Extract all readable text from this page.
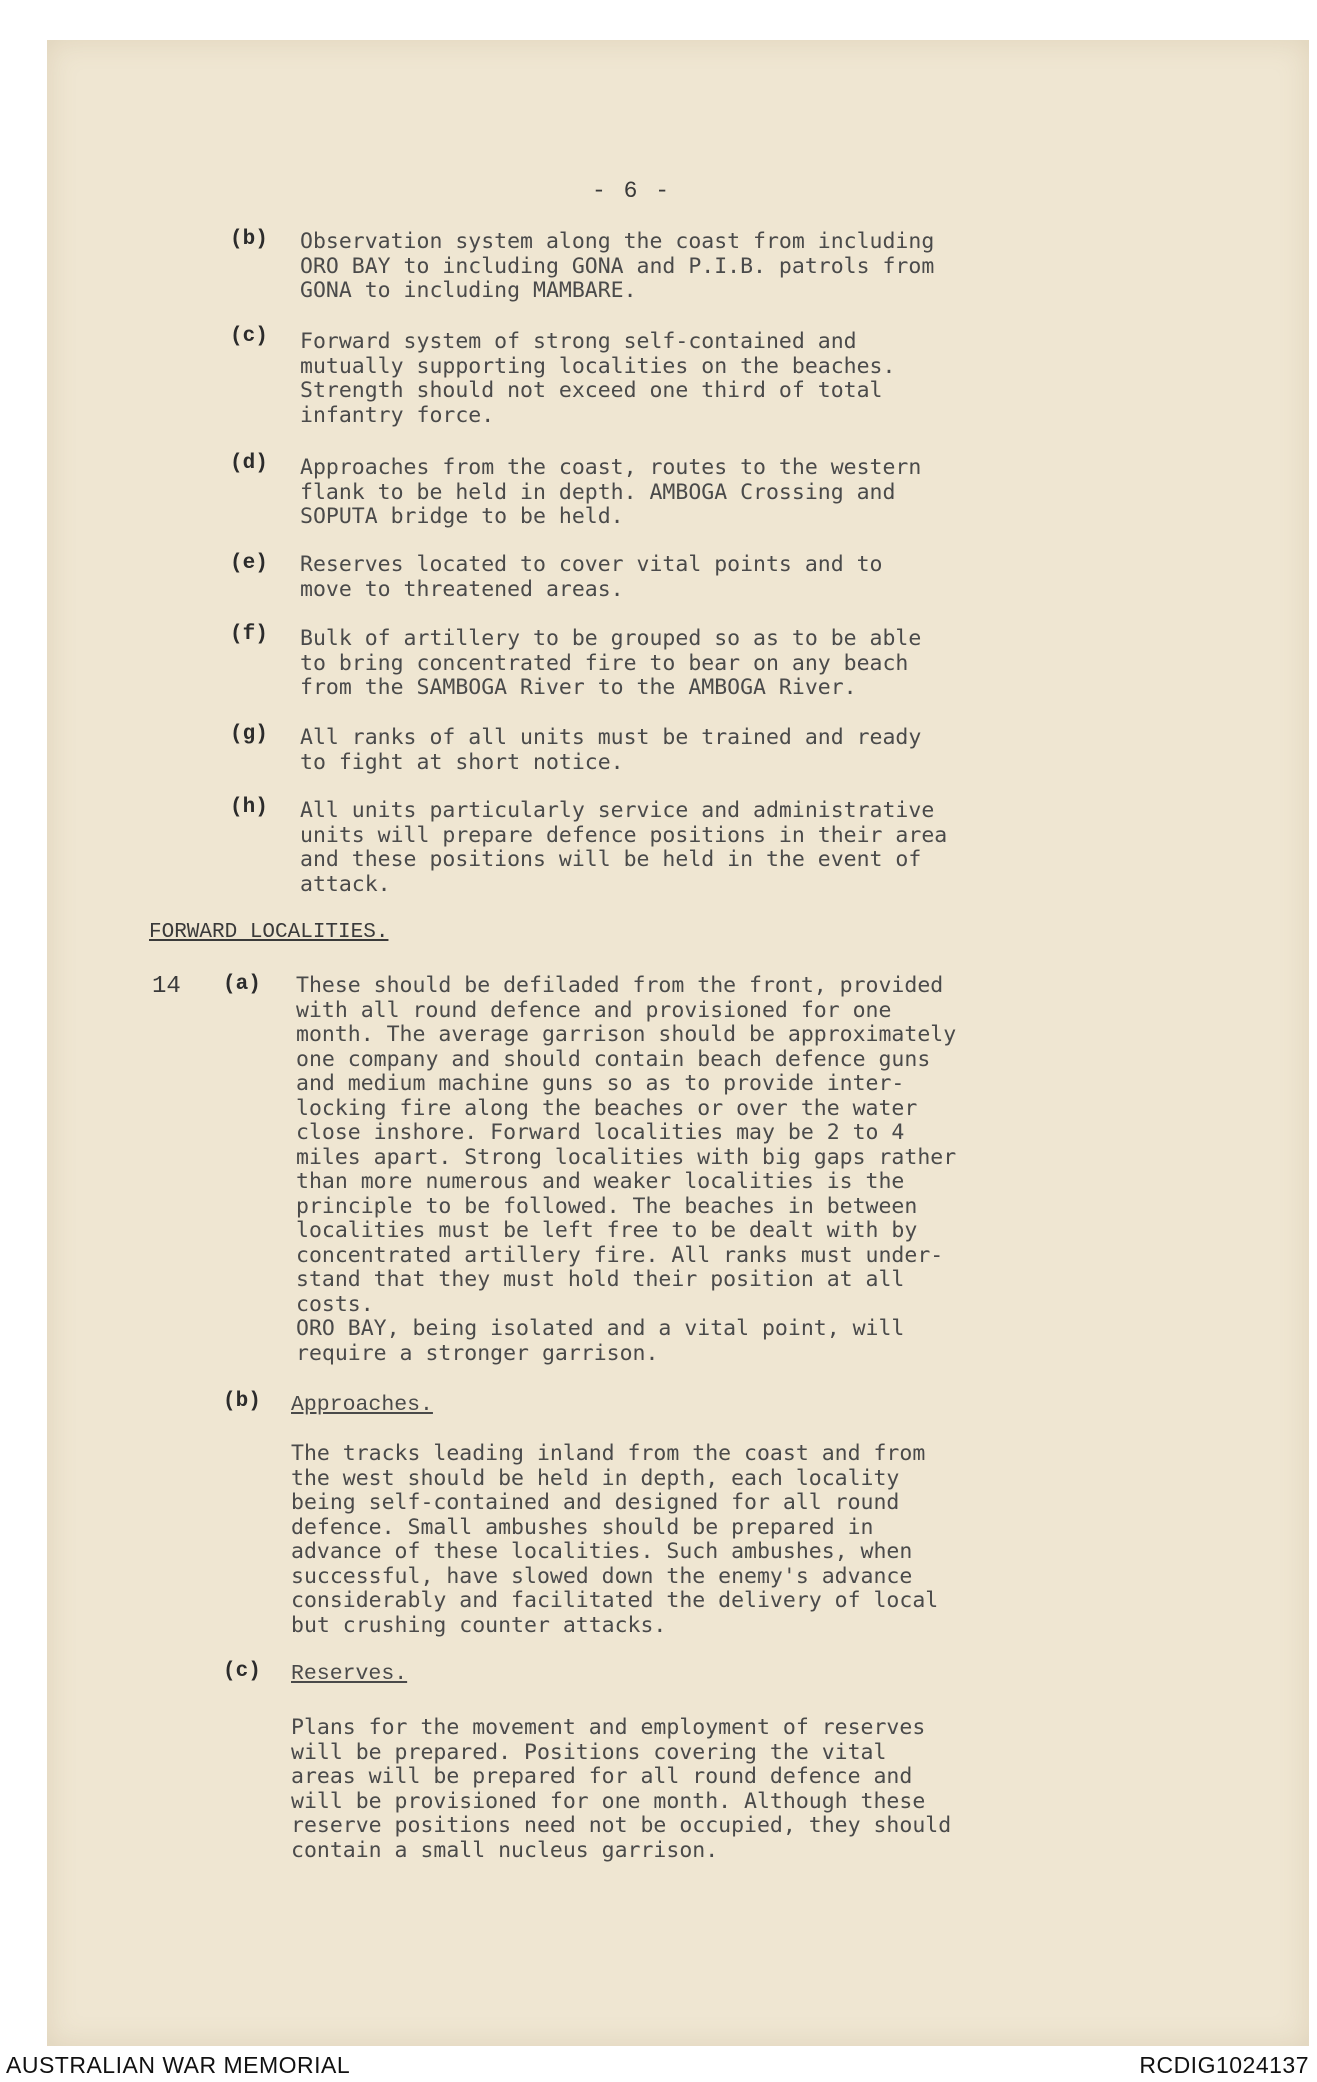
- 6 -
(b) Observation system along the coast from including
ORO BAY to including GONA and P.I.B. patrols from
GONA to including MAMBARE.
(c) Forward system of strong self-contained and
mutually supporting localities on the beaches.
Strength should not exceed one third of total
infantry force.
(d) Approaches from the coast, routes to the western
flank to be held in depth. AMBOGA Crossing and
SOPUTA bridge to be held.
(e) Reserves located to cover vital points and to
move to threatened areas.
(f) Bulk of artillery to be grouped so as to be able
to bring concentrated fire to bear on any beach
from the SAMBOGA River to the AMBOGA River.
(g) All ranks of all units must be trained and ready
to fight at short notice.
(h) All units particularly service and administrative
units will prepare defence positions in their area
and these positions will be held in the event of
attack.
FORWARD LOCALITIES.
14 (a) These should be defiladed from the front, provided
with all round defence and provisioned for one
month. The average garrison should be approximately
one company and should contain beach defence guns
and medium machine guns so as to provide inter-
locking fire along the beaches or over the water
close inshore. Forward localities may be 2 to 4
miles apart. Strong localities with big gaps rather
than more numerous and weaker localities is the
principle to be followed. The beaches in between
localities must be left free to be dealt with by
concentrated artillery fire. All ranks must under-
stand that they must hold their position at all
costs.
ORO BAY, being isolated and a vital point, will
require a stronger garrison.
(b) Approaches.
The tracks leading inland from the coast and from
the west should be held in depth, each locality
being self-contained and designed for all round
defence. Small ambushes should be prepared in
advance of these localities. Such ambushes, when
successful, have slowed down the enemy's advance
considerably and facilitated the delivery of local
but crushing counter attacks.
(c) Reserves.
Plans for the movement and employment of reserves
will be prepared. Positions covering the vital
areas will be prepared for all round defence and
will be provisioned for one month. Although these
reserve positions need not be occupied, they should
contain a small nucleus garrison.
AUSTRALIAN WAR MEMORIAL	RCDIG1024137
